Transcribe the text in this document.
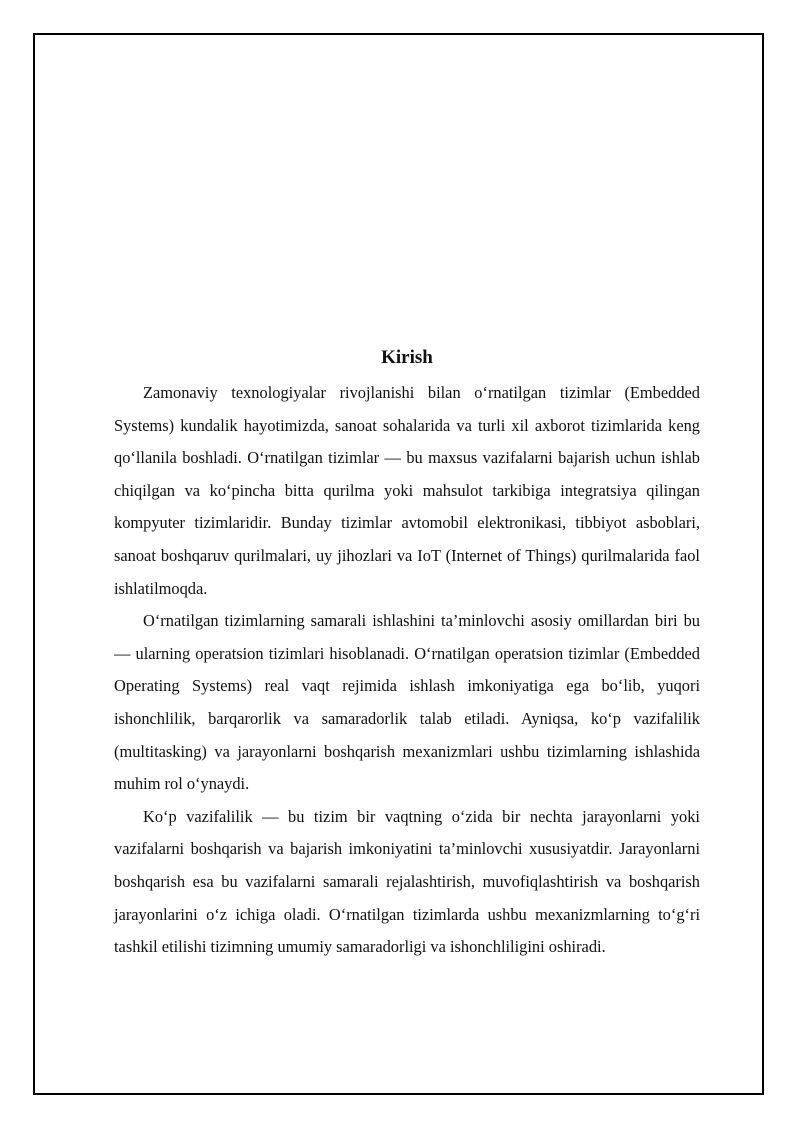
Kirish

Zamonaviy texnologiyalar rivojlanishi bilan o‘rnatilgan tizimlar (Embedded Systems) kundalik hayotimizda, sanoat sohalarida va turli xil axborot tizimlarida keng qo‘llanila boshladi. O‘rnatilgan tizimlar — bu maxsus vazifalarni bajarish uchun ishlab chiqilgan va ko‘pincha bitta qurilma yoki mahsulot tarkibiga integratsiya qilingan kompyuter tizimlaridir. Bunday tizimlar avtomobil elektronikasi, tibbiyot asboblari, sanoat boshqaruv qurilmalari, uy jihozlari va IoT (Internet of Things) qurilmalarida faol ishlatilmoqda.

O‘rnatilgan tizimlarning samarali ishlashini ta’minlovchi asosiy omillardan biri bu — ularning operatsion tizimlari hisoblanadi. O‘rnatilgan operatsion tizimlar (Embedded Operating Systems) real vaqt rejimida ishlash imkoniyatiga ega bo‘lib, yuqori ishonchlilik, barqarorlik va samaradorlik talab etiladi. Ayniqsa, ko‘p vazifalilik (multitasking) va jarayonlarni boshqarish mexanizmlari ushbu tizimlarning ishlashida muhim rol o‘ynaydi.

Ko‘p vazifalilik — bu tizim bir vaqtning o‘zida bir nechta jarayonlarni yoki vazifalarni boshqarish va bajarish imkoniyatini ta’minlovchi xususiyatdir. Jarayonlarni boshqarish esa bu vazifalarni samarali rejalashtirish, muvofiqlashtirish va boshqarish jarayonlarini o‘z ichiga oladi. O‘rnatilgan tizimlarda ushbu mexanizmlarning to‘g‘ri tashkil etilishi tizimning umumiy samaradorligi va ishonchliligini oshiradi.
